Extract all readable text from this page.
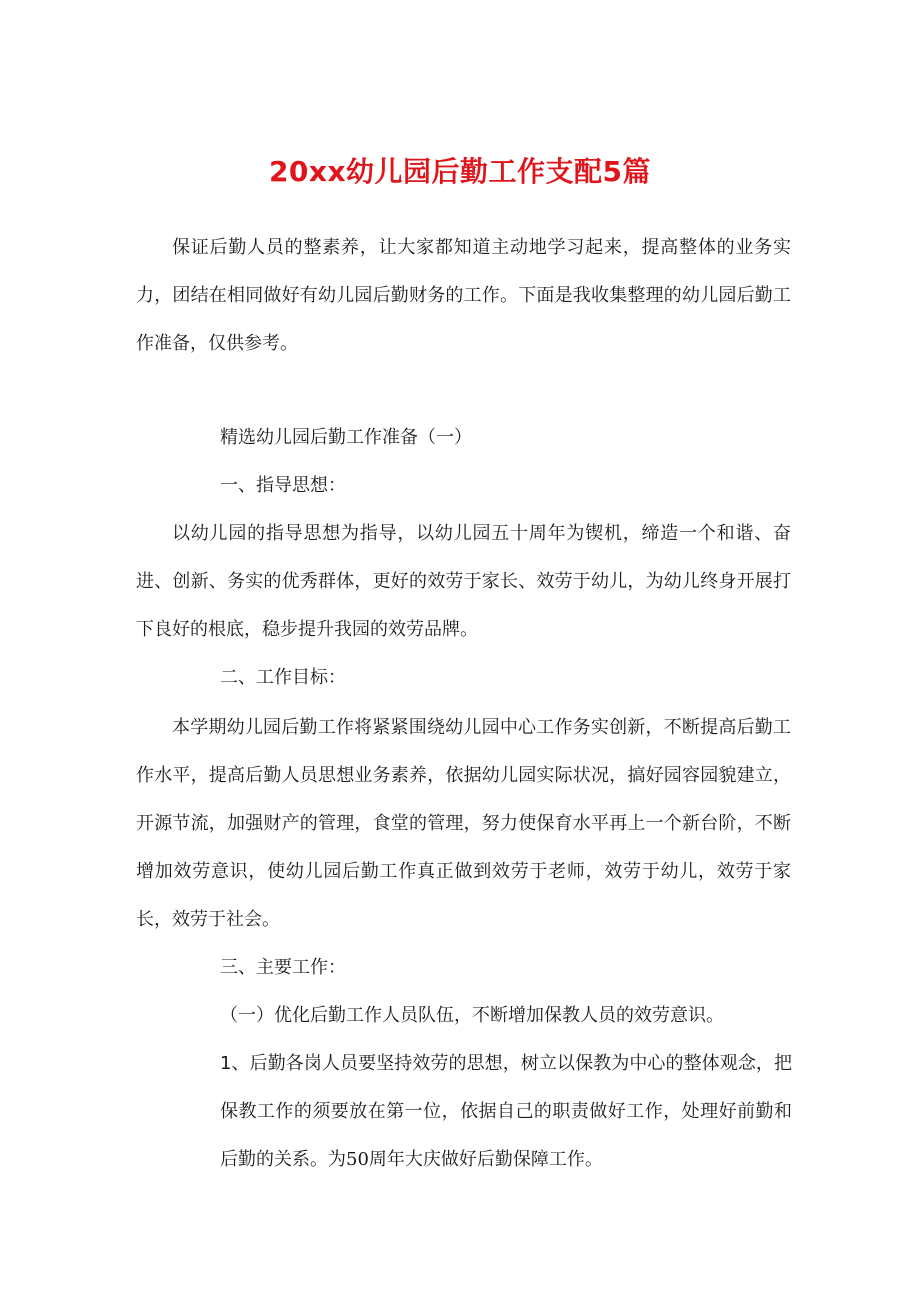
20xx幼儿园后勤工作支配5篇

保证后勤人员的整素养，让大家都知道主动地学习起来，提高整体的业务实力，团结在相同做好有幼儿园后勤财务的工作。下面是我收集整理的幼儿园后勤工作准备，仅供参考。

精选幼儿园后勤工作准备（一）

一、指导思想：

以幼儿园的指导思想为指导，以幼儿园五十周年为锲机，缔造一个和谐、奋进、创新、务实的优秀群体，更好的效劳于家长、效劳于幼儿，为幼儿终身开展打下良好的根底，稳步提升我园的效劳品牌。

二、工作目标：

本学期幼儿园后勤工作将紧紧围绕幼儿园中心工作务实创新，不断提高后勤工作水平，提高后勤人员思想业务素养，依据幼儿园实际状况，搞好园容园貌建立，开源节流，加强财产的管理，食堂的管理，努力使保育水平再上一个新台阶，不断增加效劳意识，使幼儿园后勤工作真正做到效劳于老师，效劳于幼儿，效劳于家长，效劳于社会。

三、主要工作：

（一）优化后勤工作人员队伍，不断增加保教人员的效劳意识。

1、后勤各岗人员要坚持效劳的思想，树立以保教为中心的整体观念，把保教工作的须要放在第一位，依据自己的职责做好工作，处理好前勤和后勤的关系。为50周年大庆做好后勤保障工作。
